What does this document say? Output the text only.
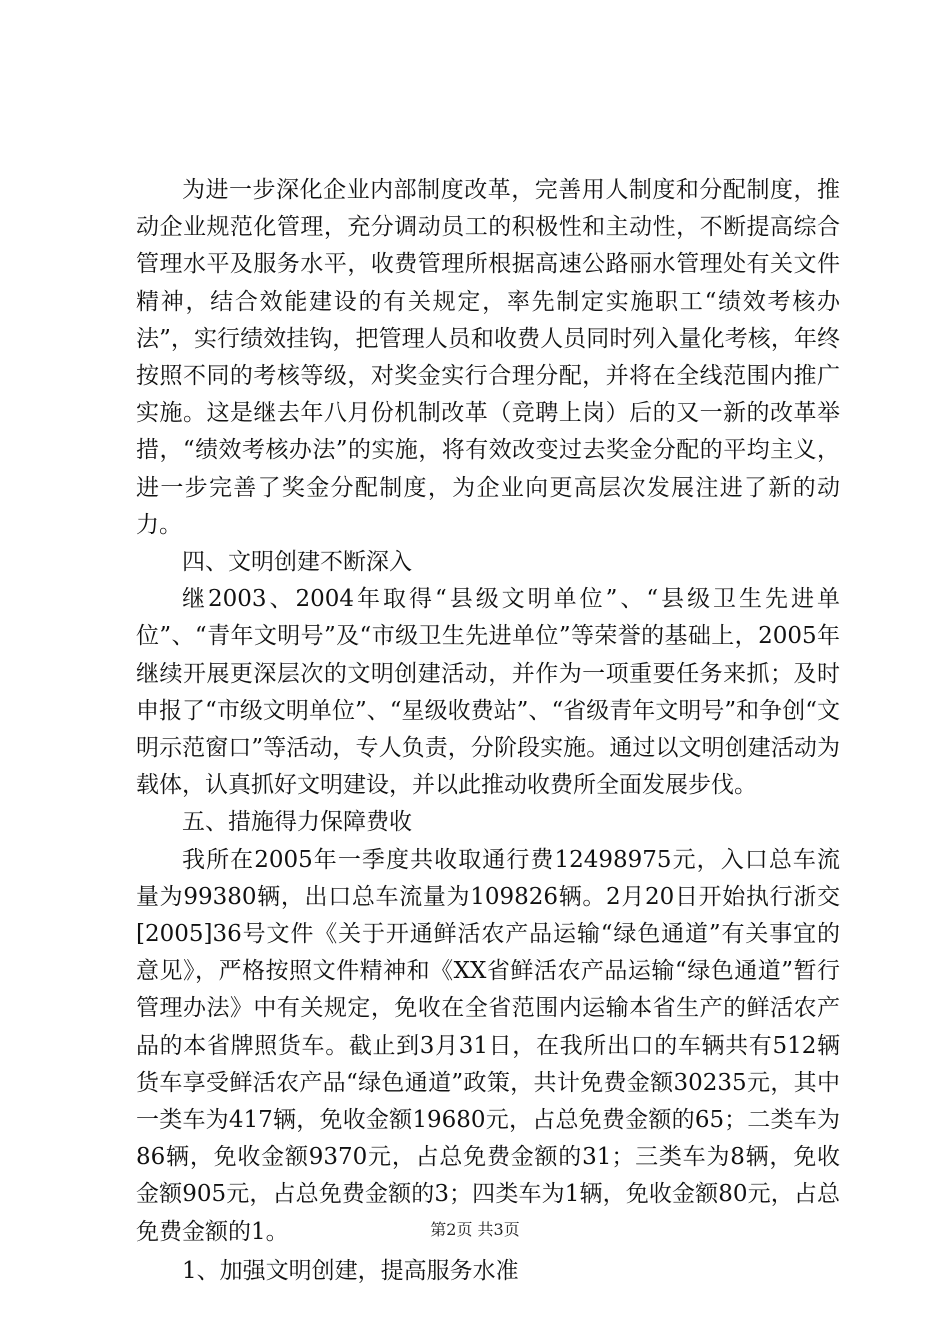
为进一步深化企业内部制度改革，完善用人制度和分配制度，推动企业规范化管理，充分调动员工的积极性和主动性，不断提高综合管理水平及服务水平，收费管理所根据高速公路丽水管理处有关文件精神，结合效能建设的有关规定，率先制定实施职工“绩效考核办法”，实行绩效挂钩，把管理人员和收费人员同时列入量化考核，年终按照不同的考核等级，对奖金实行合理分配，并将在全线范围内推广实施。这是继去年八月份机制改革（竞聘上岗）后的又一新的改革举措，“绩效考核办法”的实施，将有效改变过去奖金分配的平均主义，进一步完善了奖金分配制度，为企业向更高层次发展注进了新的动力。

四、文明创建不断深入

继2003、2004年取得“县级文明单位”、“县级卫生先进单位”、“青年文明号”及“市级卫生先进单位”等荣誉的基础上，2005年继续开展更深层次的文明创建活动，并作为一项重要任务来抓；及时申报了“市级文明单位”、“星级收费站”、“省级青年文明号”和争创“文明示范窗口”等活动，专人负责，分阶段实施。通过以文明创建活动为载体，认真抓好文明建设，并以此推动收费所全面发展步伐。

五、措施得力保障费收

我所在2005年一季度共收取通行费12498975元，入口总车流量为99380辆，出口总车流量为109826辆。2月20日开始执行浙交[2005]36号文件《关于开通鲜活农产品运输“绿色通道”有关事宜的意见》，严格按照文件精神和《XX省鲜活农产品运输“绿色通道”暂行管理办法》中有关规定，免收在全省范围内运输本省生产的鲜活农产品的本省牌照货车。截止到3月31日，在我所出口的车辆共有512辆货车享受鲜活农产品“绿色通道”政策，共计免费金额30235元，其中一类车为417辆，免收金额19680元，占总免费金额的65；二类车为86辆，免收金额9370元，占总免费金额的31；三类车为8辆，免收金额905元，占总免费金额的3；四类车为1辆，免收金额80元，占总免费金额的1。

1、加强文明创建，提高服务水准

第2页 共3页
